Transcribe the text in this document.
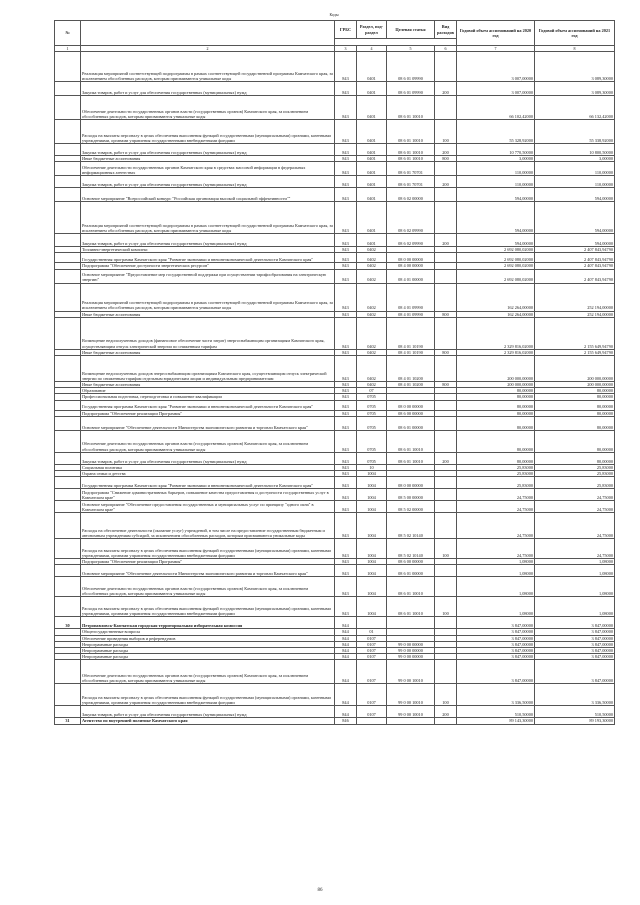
Коды
№		ГРБС	Раздел, под-раздел	Целевая статья	Вид расходов	Годовой объем ассигнований на 2020 год	Годовой объем ассигнований на 2021 год

1	2	3	4	5	6	7	8
	Реализация мероприятий соответствующей подпрограммы в рамках соответствующей государственной программы Камчатского края, за исключением обособленных расходов, которым присваиваются уникальные коды	843	0401	08 6 01 09990		3 007,00000	3 089,30000
	Закупка товаров, работ и услуг для обеспечения государственных (муниципальных) нужд	843	0401	08 6 01 09990	200	3 007,00000	3 089,30000
	Обеспечение деятельности государственных органов власти (государственных органов) Камчатского края, за исключением обособленных расходов, которым присваиваются уникальные коды	843	0401	08 6 01 10010		66 102,42000	66 132,42000
	Расходы на выплаты персоналу в целях обеспечения выполнения функций государственными (муниципальными) органами, казенными учреждениями, органами управления государственными внебюджетными фондами	843	0401	08 6 01 10010	100	55 328,92000	55 338,92000
	Закупка товаров, работ и услуг для обеспечения государственных (муниципальных) нужд	843	0401	08 6 01 10010	200	10 770,50000	10 800,50000
	Иные бюджетные ассигнования	843	0401	08 6 01 10010	800	3,00000	3,00000
	Обеспечение деятельности государственных органов Камчатского края в средствах массовой информации в федеральных информационных агентствах	843	0401	08 6 01 70701		110,00000	110,00000
	Закупка товаров, работ и услуг для обеспечения государственных (муниципальных) нужд	843	0401	08 6 01 70701	200	110,00000	110,00000
	Основное мероприятие "Всероссийский конкурс "Российская организация высокой социальной эффективности""	843	0401	08 6 02 00000		594,00000	594,00000
	Реализация мероприятий соответствующей подпрограммы в рамках соответствующей государственной программы Камчатского края, за исключением обособленных расходов, которым присваиваются уникальные коды	843	0401	08 6 02 09990		594,00000	594,00000
	Закупка товаров, работ и услуг для обеспечения государственных (муниципальных) нужд	843	0401	08 6 02 09990	200	594,00000	594,00000
	Топливно-энергетический комплекс	843	0402			2 692 080,02000	2 407 843,94790
	Государственная программа Камчатского края "Развитие экономики и внешнеэкономической деятельности Камчатского края"	843	0402	08 0 00 00000		2 692 080,02000	2 407 843,94790
	Подпрограмма "Обеспечение доступности энергетических ресурсов"	843	0402	08 4 00 00000		2 692 080,02000	2 407 843,94790
	Основное мероприятие "Предоставление мер государственной поддержки при осуществлении тарифообразования на электрическую энергию"	843	0402	08 4 01 00000		2 692 080,02000	2 407 843,94790
	Реализация мероприятий соответствующей подпрограммы в рамках соответствующей государственной программы Камчатского края, за исключением обособленных расходов, которым присваиваются уникальные коды	843	0402	08 4 01 09990		162 264,00000	252 194,00000
	Иные бюджетные ассигнования	843	0402	08 4 01 09990	800	162 264,00000	252 194,00000
	Возмещение недополученных доходов (финансовое обеспечение части затрат) энергоснабжающим организациям Камчатского края, осуществляющим отпуск электрической энергии по сниженным тарифам	843	0402	08 4 01 10190		2 329 816,02000	2 155 649,94790
	Иные бюджетные ассигнования	843	0402	08 4 01 10190	800	2 329 816,02000	2 155 649,94790
	Возмещение недополученных доходов энергоснабжающим организациям Камчатского края, осуществляющим отпуск электрической энергии по сниженным тарифам отдельным юридическим лицам и индивидуальным предпринимателям	843	0402	08 4 01 10200		200 000,00000	200 000,00000
	Иные бюджетные ассигнования	843	0402	08 4 01 10200	800	200 000,00000	200 000,00000
	Образование	843	07			80,00000	80,00000
	Профессиональная подготовка, переподготовка и повышение квалификации	843	0705			80,00000	80,00000
	Государственная программа Камчатского края "Развитие экономики и внешнеэкономической деятельности Камчатского края"	843	0705	08 0 00 00000		80,00000	80,00000
	Подпрограмма "Обеспечение реализации Программы"	843	0705	08 6 00 00000		80,00000	80,00000
	Основное мероприятие "Обеспечение деятельности Министерства экономического развития и торговли Камчатского края"	843	0705	08 6 01 00000		80,00000	80,00000
	Обеспечение деятельности государственных органов власти (государственных органов) Камчатского края, за исключением обособленных расходов, которым присваиваются уникальные коды	843	0705	08 6 01 10010		80,00000	80,00000
	Закупка товаров, работ и услуг для обеспечения государственных (муниципальных) нужд	843	0705	08 6 01 10010	200	80,00000	80,00000
	Социальная политика	843	10			25,83000	25,83000
	Охрана семьи и детства	843	1004			25,83000	25,83000
	Государственная программа Камчатского края "Развитие экономики и внешнеэкономической деятельности Камчатского края"	843	1004	08 0 00 00000		25,83000	25,83000
	Подпрограмма "Снижение административных барьеров, повышение качества предоставления и доступности государственных услуг в Камчатском крае"	843	1004	08 5 00 00000		24,75000	24,75000
	Основное мероприятие "Обеспечение предоставления государственных и муниципальных услуг по принципу "одного окна" в Камчатском крае"	843	1004	08 5 02 00000		24,75000	24,75000
	Расходы на обеспечение деятельности (оказание услуг) учреждений, в том числе на предоставление государственным бюджетным и автономным учреждениям субсидий, за исключением обособленных расходов, которым присваиваются уникальные коды	843	1004	08 5 02 10140		24,75000	24,75000
	Расходы на выплаты персоналу в целях обеспечения выполнения функций государственными (муниципальными) органами, казенными учреждениями, органами управления государственными внебюджетными фондами	843	1004	08 5 02 10140	100	24,75000	24,75000
	Подпрограмма "Обеспечение реализации Программы"	843	1004	08 6 00 00000		1,08000	1,08000
	Основное мероприятие "Обеспечение деятельности Министерства экономического развития и торговли Камчатского края"	843	1004	08 6 01 00000		1,08000	1,08000
	Обеспечение деятельности государственных органов власти (государственных органов) Камчатского края, за исключением обособленных расходов, которым присваиваются уникальные коды	843	1004	08 6 01 10010		1,08000	1,08000
	Расходы на выплаты персоналу в целях обеспечения выполнения функций государственными (муниципальными) органами, казенными учреждениями, органами управления государственными внебюджетными фондами	843	1004	08 6 01 10010	100	1,08000	1,08000
30	Петропавловск-Камчатская городская территориальная избирательная комиссия	844				3 847,00000	3 847,00000
	Общегосударственные вопросы	844	01			3 847,00000	3 847,00000
	Обеспечение проведения выборов и референдумов	844	0107			3 847,00000	3 847,00000
	Непрограммные расходы	844	0107	99 0 00 00000		3 847,00000	3 847,00000
	Непрограммные расходы	844	0107	99 0 00 00000		3 847,00000	3 847,00000
	Непрограммные расходы	844	0107	99 0 00 00000		3 847,00000	3 847,00000
	Обеспечение деятельности государственных органов власти (государственных органов) Камчатского края, за исключением обособленных расходов, которым присваиваются уникальные коды	844	0107	99 0 00 10010		3 847,00000	3 847,00000
	Расходы на выплаты персоналу в целях обеспечения выполнения функций государственными (муниципальными) органами, казенными учреждениями, органами управления государственными внебюджетными фондами	844	0107	99 0 00 10010	100	3 336,50000	3 336,50000
	Закупка товаров, работ и услуг для обеспечения государственных (муниципальных) нужд	844	0107	99 0 00 10010	200	510,50000	510,50000
31	Агентство по внутренней политике Камчатского края	846				89 143,30000	89 193,30000
86
